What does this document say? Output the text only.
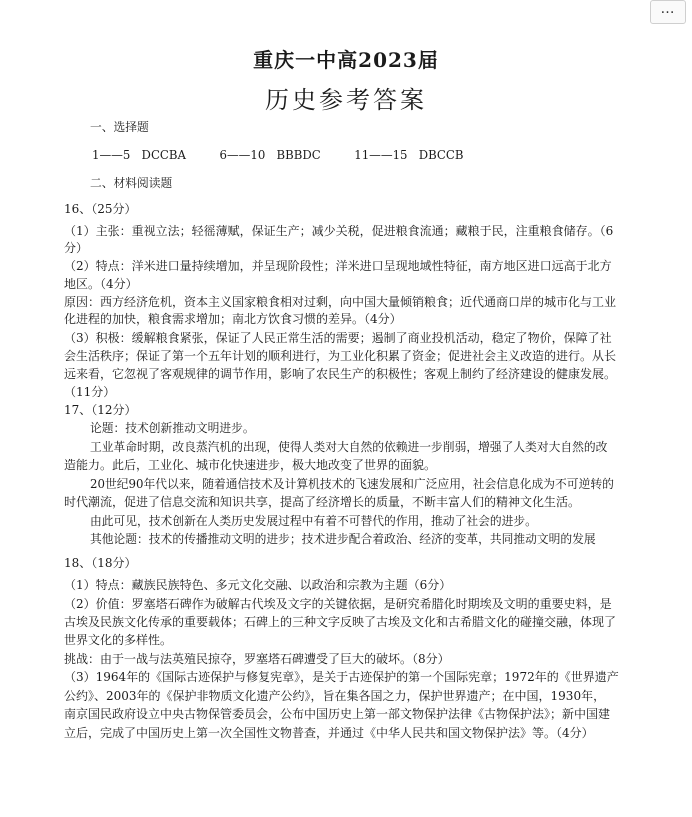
…
重庆一中高2023届
历史参考答案
一、选择题
1——5 DCCBA	6——10 BBBDC	11——15 DBCCB
二、材料阅读题
16、（25分）
（1）主张：重视立法；轻徭薄赋，保证生产；减少关税，促进粮食流通；藏粮于民，注重粮食储存。（6
分）
（2）特点：洋米进口量持续增加，并呈现阶段性；洋米进口呈现地域性特征，南方地区进口远高于北方
地区。（4分）
原因：西方经济危机，资本主义国家粮食相对过剩，向中国大量倾销粮食；近代通商口岸的城市化与工业
化进程的加快，粮食需求增加；南北方饮食习惯的差异。（4分）
（3）积极：缓解粮食紧张，保证了人民正常生活的需要；遏制了商业投机活动，稳定了物价，保障了社
会生活秩序；保证了第一个五年计划的顺利进行，为工业化积累了资金；促进社会主义改造的进行。从长
远来看，它忽视了客观规律的调节作用，影响了农民生产的积极性；客观上制约了经济建设的健康发展。
（11分）
17、（12分）
论题：技术创新推动文明进步。
工业革命时期，改良蒸汽机的出现，使得人类对大自然的依赖进一步削弱，增强了人类对大自然的改
造能力。此后，工业化、城市化快速进步，极大地改变了世界的面貌。
20世纪90年代以来，随着通信技术及计算机技术的飞速发展和广泛应用，社会信息化成为不可逆转的
时代潮流，促进了信息交流和知识共享，提高了经济增长的质量，不断丰富人们的精神文化生活。
由此可见，技术创新在人类历史发展过程中有着不可替代的作用，推动了社会的进步。
其他论题：技术的传播推动文明的进步；技术进步配合着政治、经济的变革，共同推动文明的发展
18、（18分）
（1）特点：藏族民族特色、多元文化交融、以政治和宗教为主题（6分）
（2）价值：罗塞塔石碑作为破解古代埃及文字的关键依据，是研究希腊化时期埃及文明的重要史料，是
古埃及民族文化传承的重要载体；石碑上的三种文字反映了古埃及文化和古希腊文化的碰撞交融，体现了
世界文化的多样性。
挑战：由于一战与法英殖民掠夺，罗塞塔石碑遭受了巨大的破坏。（8分）
（3）1964年的《国际古迹保护与修复宪章》，是关于古迹保护的第一个国际宪章；1972年的《世界遗产
公约》、2003年的《保护非物质文化遗产公约》，旨在集各国之力，保护世界遗产；在中国，1930年，
南京国民政府设立中央古物保管委员会，公布中国历史上第一部文物保护法律《古物保护法》；新中国建
立后，完成了中国历史上第一次全国性文物普查，并通过《中华人民共和国文物保护法》等。（4分）
